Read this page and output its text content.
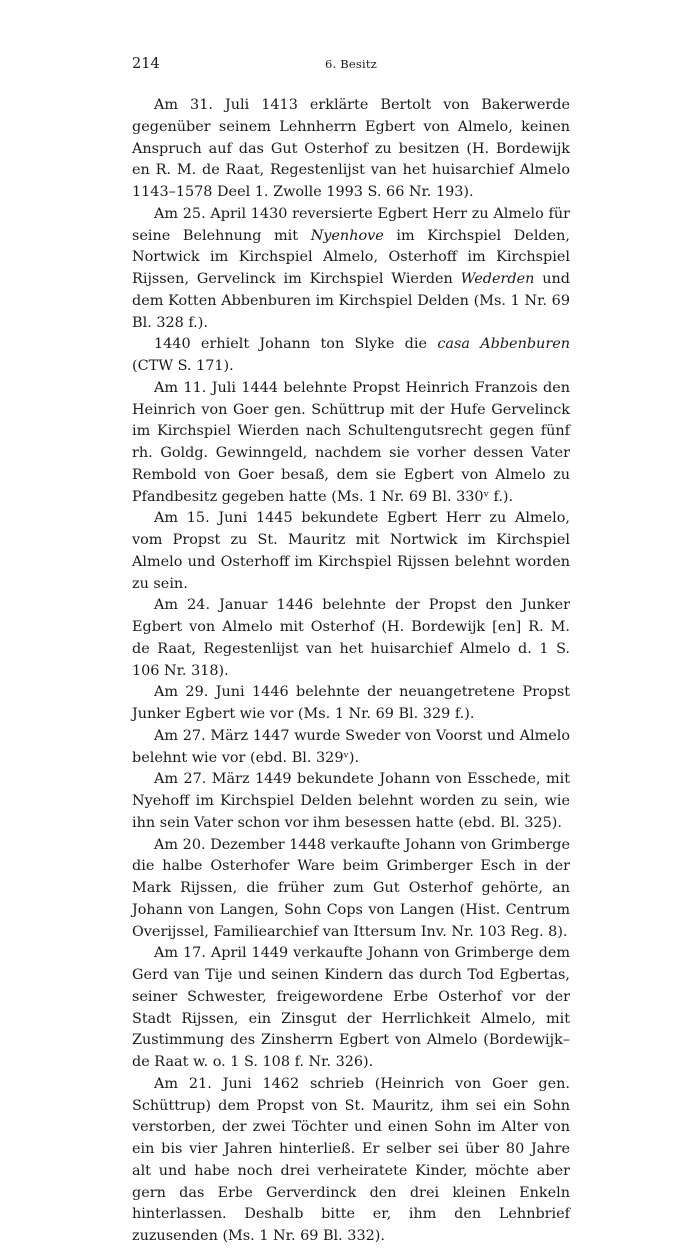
214	6. Besitz

Am 31. Juli 1413 erklärte Bertolt von Bakerwerde gegenüber seinem Lehnherrn Egbert von Almelo, keinen Anspruch auf das Gut Osterhof zu besitzen (H. Bordewijk en R. M. de Raat, Regestenlijst van het huisarchief Almelo 1143–1578 Deel 1. Zwolle 1993 S. 66 Nr. 193).

Am 25. April 1430 reversierte Egbert Herr zu Almelo für seine Belehnung mit Nyenhove im Kirchspiel Delden, Nortwick im Kirchspiel Almelo, Osterhoff im Kirchspiel Rijssen, Gervelinck im Kirchspiel Wierden Wederden und dem Kotten Abbenburen im Kirchspiel Delden (Ms. 1 Nr. 69 Bl. 328 f.).

1440 erhielt Johann ton Slyke die casa Abbenburen (CTW S. 171).

Am 11. Juli 1444 belehnte Propst Heinrich Franzois den Heinrich von Goer gen. Schüttrup mit der Hufe Gervelinck im Kirchspiel Wierden nach Schultengutsrecht gegen fünf rh. Goldg. Gewinngeld, nachdem sie vorher dessen Vater Rembold von Goer besaß, dem sie Egbert von Almelo zu Pfandbesitz gegeben hatte (Ms. 1 Nr. 69 Bl. 330ᵛ f.).

Am 15. Juni 1445 bekundete Egbert Herr zu Almelo, vom Propst zu St. Mauritz mit Nortwick im Kirchspiel Almelo und Osterhoff im Kirchspiel Rijssen belehnt worden zu sein.

Am 24. Januar 1446 belehnte der Propst den Junker Egbert von Almelo mit Osterhof (H. Bordewijk [en] R. M. de Raat, Regestenlijst van het huisarchief Almelo d. 1 S. 106 Nr. 318).

Am 29. Juni 1446 belehnte der neuangetretene Propst Junker Egbert wie vor (Ms. 1 Nr. 69 Bl. 329 f.).

Am 27. März 1447 wurde Sweder von Voorst und Almelo belehnt wie vor (ebd. Bl. 329ᵛ).

Am 27. März 1449 bekundete Johann von Esschede, mit Nyehoff im Kirchspiel Delden belehnt worden zu sein, wie ihn sein Vater schon vor ihm besessen hatte (ebd. Bl. 325).

Am 20. Dezember 1448 verkaufte Johann von Grimberge die halbe Osterhofer Ware beim Grimberger Esch in der Mark Rijssen, die früher zum Gut Osterhof gehörte, an Johann von Langen, Sohn Cops von Langen (Hist. Centrum Overijssel, Familiearchief van Ittersum Inv. Nr. 103 Reg. 8).

Am 17. April 1449 verkaufte Johann von Grimberge dem Gerd van Tije und seinen Kindern das durch Tod Egbertas, seiner Schwester, freigewordene Erbe Osterhof vor der Stadt Rijssen, ein Zinsgut der Herrlichkeit Almelo, mit Zustimmung des Zinsherrn Egbert von Almelo (Bordewijk–de Raat w. o. 1 S. 108 f. Nr. 326).

Am 21. Juni 1462 schrieb (Heinrich von Goer gen. Schüttrup) dem Propst von St. Mauritz, ihm sei ein Sohn verstorben, der zwei Töchter und einen Sohn im Alter von ein bis vier Jahren hinterließ. Er selber sei über 80 Jahre alt und habe noch drei verheiratete Kinder, möchte aber gern das Erbe Gerverdinck den drei kleinen Enkeln hinterlassen. Deshalb bitte er, ihm den Lehnbrief zuzusenden (Ms. 1 Nr. 69 Bl. 332).
